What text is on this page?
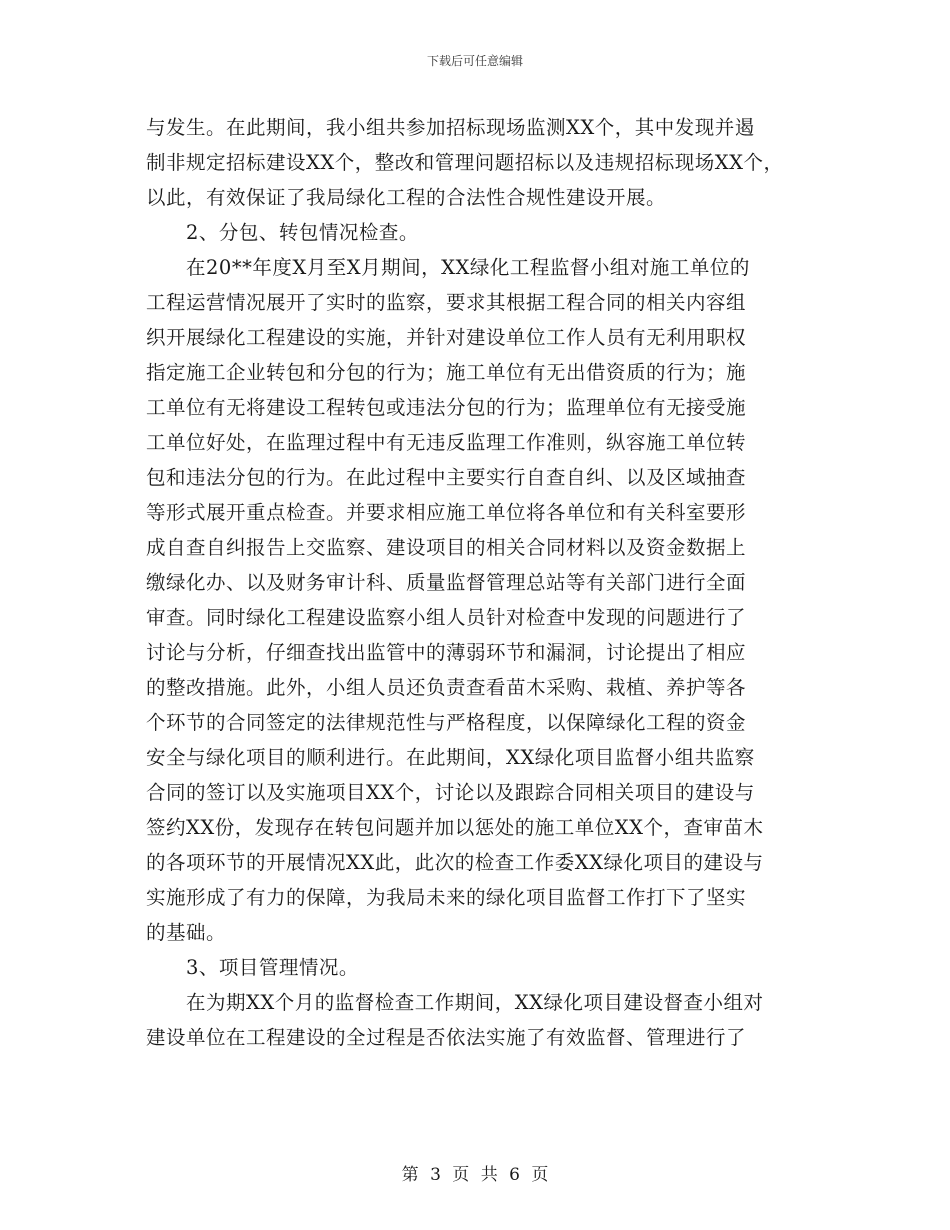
下载后可任意编辑
与发生。在此期间，我小组共参加招标现场监测XX个，其中发现并遏
制非规定招标建设XX个，整改和管理问题招标以及违规招标现场XX个，
以此，有效保证了我局绿化工程的合法性合规性建设开展。
2、分包、转包情况检查。
在20**年度X月至X月期间，XX绿化工程监督小组对施工单位的
工程运营情况展开了实时的监察，要求其根据工程合同的相关内容组
织开展绿化工程建设的实施，并针对建设单位工作人员有无利用职权
指定施工企业转包和分包的行为；施工单位有无出借资质的行为；施
工单位有无将建设工程转包或违法分包的行为；监理单位有无接受施
工单位好处，在监理过程中有无违反监理工作准则，纵容施工单位转
包和违法分包的行为。在此过程中主要实行自查自纠、以及区域抽查
等形式展开重点检查。并要求相应施工单位将各单位和有关科室要形
成自查自纠报告上交监察、建设项目的相关合同材料以及资金数据上
缴绿化办、以及财务审计科、质量监督管理总站等有关部门进行全面
审查。同时绿化工程建设监察小组人员针对检查中发现的问题进行了
讨论与分析，仔细查找出监管中的薄弱环节和漏洞，讨论提出了相应
的整改措施。此外，小组人员还负责查看苗木采购、栽植、养护等各
个环节的合同签定的法律规范性与严格程度，以保障绿化工程的资金
安全与绿化项目的顺利进行。在此期间，XX绿化项目监督小组共监察
合同的签订以及实施项目XX个，讨论以及跟踪合同相关项目的建设与
签约XX份，发现存在转包问题并加以惩处的施工单位XX个，查审苗木
的各项环节的开展情况XX此，此次的检查工作委XX绿化项目的建设与
实施形成了有力的保障，为我局未来的绿化项目监督工作打下了坚实
的基础。
3、项目管理情况。
在为期XX个月的监督检查工作期间，XX绿化项目建设督查小组对
建设单位在工程建设的全过程是否依法实施了有效监督、管理进行了
第 3 页 共 6 页
